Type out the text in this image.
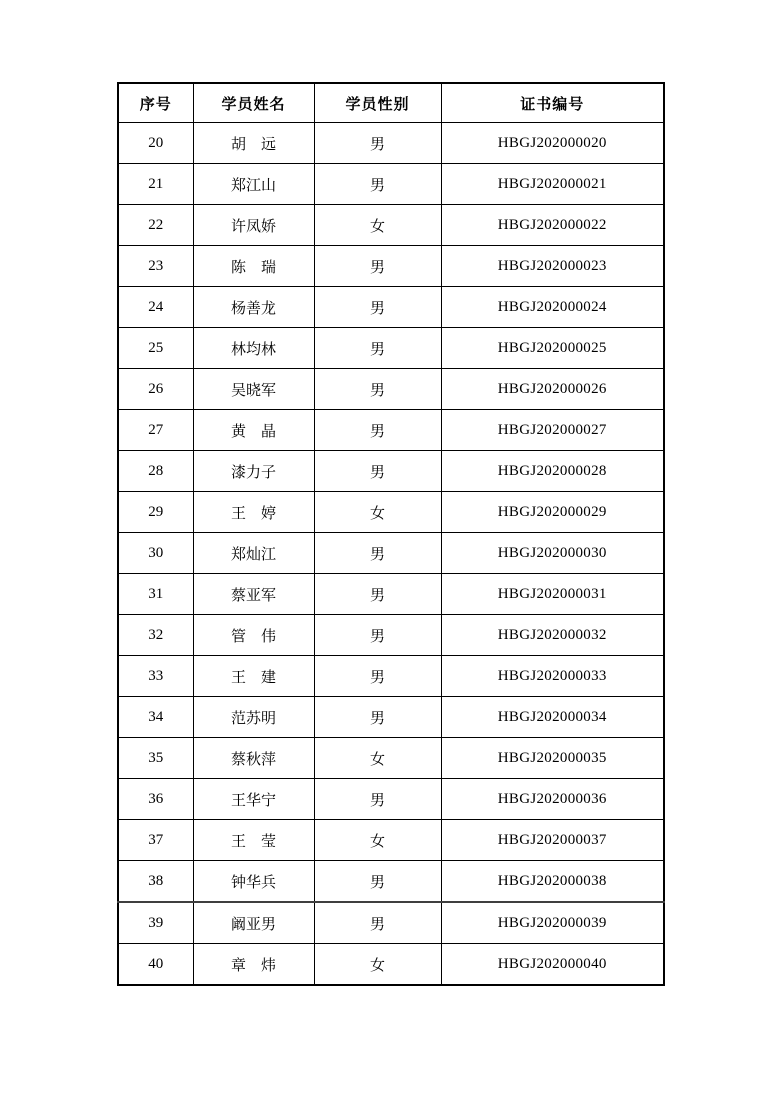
序号	学员姓名	学员性别	证书编号
20	胡　远	男	HBGJ202000020
21	郑江山	男	HBGJ202000021
22	许凤娇	女	HBGJ202000022
23	陈　瑞	男	HBGJ202000023
24	杨善龙	男	HBGJ202000024
25	林均林	男	HBGJ202000025
26	吴晓军	男	HBGJ202000026
27	黄　晶	男	HBGJ202000027
28	漆力子	男	HBGJ202000028
29	王　婷	女	HBGJ202000029
30	郑灿江	男	HBGJ202000030
31	蔡亚军	男	HBGJ202000031
32	管　伟	男	HBGJ202000032
33	王　建	男	HBGJ202000033
34	范苏明	男	HBGJ202000034
35	蔡秋萍	女	HBGJ202000035
36	王华宁	男	HBGJ202000036
37	王　莹	女	HBGJ202000037
38	钟华兵	男	HBGJ202000038
39	阚亚男	男	HBGJ202000039
40	章　炜	女	HBGJ202000040
